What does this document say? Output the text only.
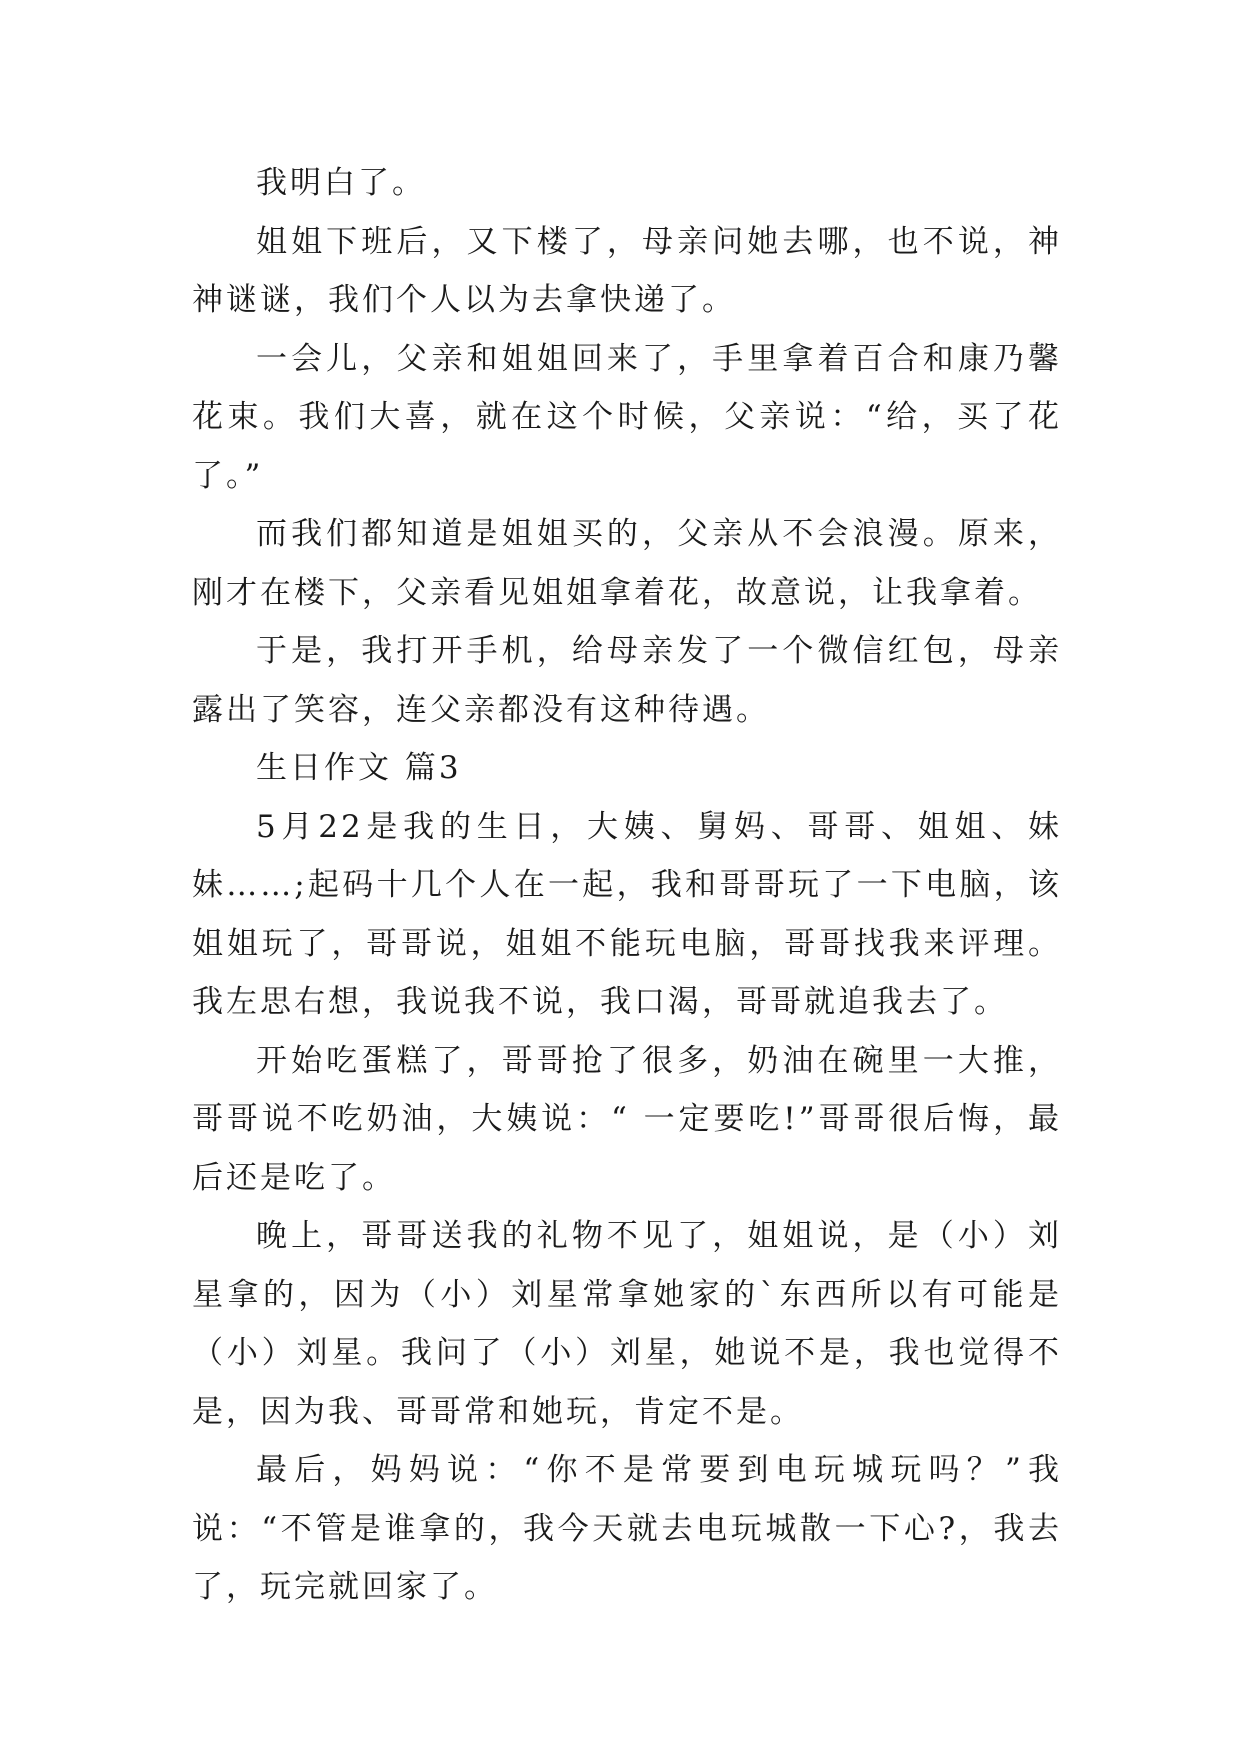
我明白了。

姐姐下班后，又下楼了，母亲问她去哪，也不说，神神谜谜，我们个人以为去拿快递了。

一会儿，父亲和姐姐回来了，手里拿着百合和康乃馨花束。我们大喜，就在这个时候，父亲说：“给，买了花了。”

而我们都知道是姐姐买的，父亲从不会浪漫。原来，刚才在楼下，父亲看见姐姐拿着花，故意说，让我拿着。

于是，我打开手机，给母亲发了一个微信红包，母亲露出了笑容，连父亲都没有这种待遇。

生日作文 篇3

5月22是我的生日，大姨、舅妈、哥哥、姐姐、妹妹……;起码十几个人在一起，我和哥哥玩了一下电脑，该姐姐玩了，哥哥说，姐姐不能玩电脑，哥哥找我来评理。我左思右想，我说我不说，我口渴，哥哥就追我去了。

开始吃蛋糕了，哥哥抢了很多，奶油在碗里一大推，哥哥说不吃奶油，大姨说：“ 一定要吃!”哥哥很后悔，最后还是吃了。

晚上，哥哥送我的礼物不见了，姐姐说，是（小）刘星拿的，因为（小）刘星常拿她家的`东西所以有可能是（小）刘星。我问了（小）刘星，她说不是，我也觉得不是，因为我、哥哥常和她玩，肯定不是。

最后，妈妈说：“你不是常要到电玩城玩吗？”我说：“不管是谁拿的，我今天就去电玩城散一下心?，我去了，玩完就回家了。
